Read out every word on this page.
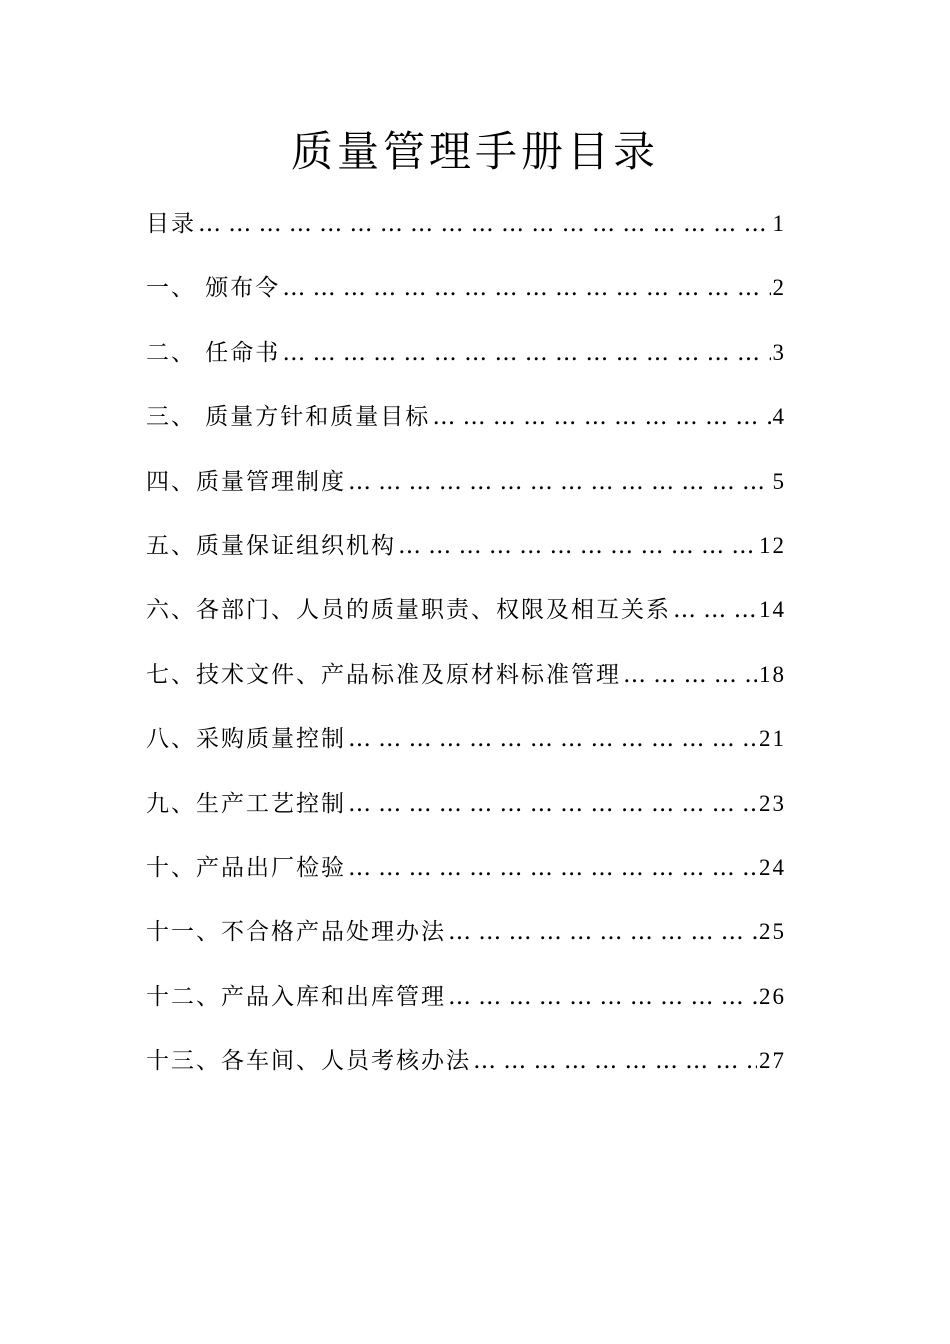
质量管理手册目录
目录 … … … … … … … … … … … … … … … … … … … … … … … … … … … … … … … … … … … … … … … … … … …	1
一、 颁布令 … … … … … … … … … … … … … … … … … … … … … … … … … … … … … … … … … … … … … … … … … … …	2
二、 任命书 … … … … … … … … … … … … … … … … … … … … … … … … … … … … … … … … … … … … … … … … … … …	3
三、 质量方针和质量目标 … … … … … … … … … … … … … … … … … … … … … … … … … … … … … … … … … … … … … … … … … … …	4
四、质量管理制度 … … … … … … … … … … … … … … … … … … … … … … … … … … … … … … … … … … … … … … … … … … …	5
五、质量保证组织机构 … … … … … … … … … … … … … … … … … … … … … … … … … … … … … … … … … … … … … … … … … … …	12
六、各部门、人员的质量职责、权限及相互关系 … … … … … … … … … … … … … … … … … … … … … … … … … … … … … … … … … … … … … … … … … … …	14
七、技术文件、产品标准及原材料标准管理 … … … … … … … … … … … … … … … … … … … … … … … … … … … … … … … … … … … … … … … … … … …	18
八、采购质量控制 … … … … … … … … … … … … … … … … … … … … … … … … … … … … … … … … … … … … … … … … … … …	21
九、生产工艺控制 … … … … … … … … … … … … … … … … … … … … … … … … … … … … … … … … … … … … … … … … … … …	23
十、产品出厂检验 … … … … … … … … … … … … … … … … … … … … … … … … … … … … … … … … … … … … … … … … … … …	24
十一、不合格产品处理办法 … … … … … … … … … … … … … … … … … … … … … … … … … … … … … … … … … … … … … … … … … … …	25
十二、产品入库和出库管理 … … … … … … … … … … … … … … … … … … … … … … … … … … … … … … … … … … … … … … … … … … …	26
十三、各车间、人员考核办法 … … … … … … … … … … … … … … … … … … … … … … … … … … … … … … … … … … … … … … … … … … …	27
